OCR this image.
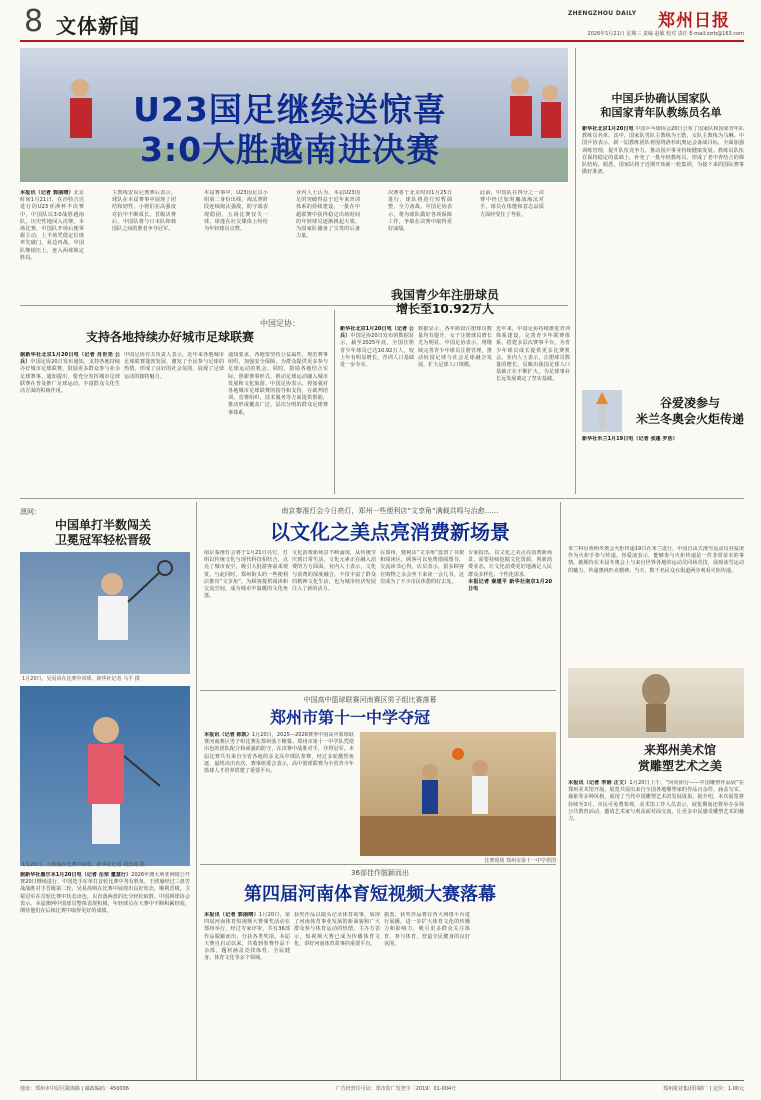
8 文体新闻
ZHENGZHOU DAILY 郑州日报
2026年1月21日 星期三 责编 赵敏 校对 责任 E-mail:zzrb@163.com
U23国足继续送惊喜
3:0大胜越南进决赛
本报讯（记者 郭丽晴）北京时间1月21日，在沙特吉达进行的U23亚洲杯半决赛中，中国队以3:0战胜越南队，历史性地闯入决赛。本场比赛，中国队开场后便掌握主动，上半场凭借定位球率先破门。易边再战，中国队继续压上，连入两球锁定胜局。
主教练安东尼奥赛后表示，球队在本届赛事中展现了团结和韧性，小将们在高强度对抗中不断成长。晋级决赛后，中国队将与日本队和韩国队之间的胜者争夺冠军。
本届赛事中，U23国足以小组第二身份出线，淘汰赛阶段连续淘汰强敌，防守端表现稳固，五场比赛仅失一球。球迷在社交媒体上纷纷为年轻球员点赞。
业内人士认为，本届U23国足的突破得益于近年来青训体系的持续建设，一批在中超联赛中获得稳定出场时间的年轻球员逐渐挑起大梁，为国家队储备了宝贵的后备力量。
决赛将于北京时间1月25日进行，球队将进行短暂调整，全力备战。中国足协表示，将为球队做好各项保障工作，争取在决赛中取得更好成绩。
此前，中国队在四分之一决赛中经过加时鏖战淘汰对手，球员在体能和意志品质方面经受住了考验。
中国足协：
支持各地持续办好城市足球联赛
据新华社北京1月20日电（记者 肖世尧 公兵）中国足协20日发布通知，支持各地持续办好城市足球联赛，鼓励更多群众参与业余足球赛事。通知提出，要充分发挥城市足球联赛在普及推广足球运动、丰富群众文化生活方面的积极作用。
中国足协有关负责人表示，近年来各地城市足球联赛蓬勃发展，激发了全民参与足球的热情，形成了良好的社会氛围，展现了足球运动的独特魅力。
通知要求，各地要坚持公益属性，规范赛事组织，加强安全保障，为群众提供更多参与足球运动的机会。同时，鼓励各地结合实际，创新赛事形式，推动足球运动融入城市发展和文化旅游。中国足协表示，将加强对各地城市足球联赛的指导和支持，在裁判培训、竞赛组织、技术服务等方面提供帮助，推动形成覆盖广泛、层次分明的群众足球赛事体系。
我国青少年注册球员
增长至10.92万人
新华社北京1月20日电（记者 公兵）中国足协20日发布的数据显示，截至2025年底，全国注册青少年球员已达10.92万人，较上年有明显增长，青训人口基础进一步夯实。
数据显示，各年龄段注册球员数量均有提升，女子注册球员增长尤为明显。中国足协表示，将继续完善青少年球员注册管理，推动校园足球与社会足球融合发展，扩大足球人口规模。
近年来，中国足协持续推进青训体系建设，完善青少年联赛体系，搭建多层次赛事平台，为青少年球员成长提供更多比赛机会。业内人士表示，注册球员数量的增长，反映出我国足球人口基础正在不断扩大，为足球事业长远发展奠定了坚实基础。
中国乒协确认国家队
和国家青年队教练员名单
新华社北京1月20日电 中国乒乓球协会20日公布了国家队和国家青年队教练员名单。其中，国家队男队主教练为王皓，女队主教练为马琳。中国乒协表示，新一届教练团队将围绕洛杉矶奥运会备战目标，全面加强训练管理，提升队伍竞争力，推动国乒事业持续健康发展。教练员队伍在保持稳定的基础上，补充了一批年轻教练员，形成了老中青结合的梯队结构。据悉，国家队将于近期开始新一轮集训，为接下来的国际赛事做好准备。
谷爱凌参与
米兰冬奥会火炬传递
新华社米兰1月19日电（记者 张蓬 罗浩）
澳网：
中国单打半数闯关
卫冕冠军轻松晋级
1月20日，吴易昺在比赛中回球。新华社记者 马平 摄
1月20日，王欣瑜在比赛中回球。新华社记者 胡浩琦 摄
据新华社墨尔本1月20日电（记者 岳荣 董意行）2026年澳大利亚网球公开赛20日继续进行，中国选手在单打首轮比赛中各有胜负。王欣瑜经过三盘苦战战胜对手晋级第二轮，吴易昺则在比赛中展现出良好状态，顺利晋级。卫冕冠军在首轮比赛中状态出色，以直落两盘的比分轻松取胜。中国网球协会表示，本届澳网中国球员整体表现积极，年轻球员在大赛中不断积累经验，期待他们在后续比赛中取得更好的成绩。
南京秦淮灯会今日亮灯，郑州一些便利店“文享角”满载共鸣与治愈……
以文化之美点亮消费新场景
南京秦淮灯会将于1月21日亮灯，灯组以传统文化与现代科技相结合，点亮了城市夜空，吸引大批游客前来观赏。与此同时，郑州街头的一些便利店推出“文享角”，为顾客提供阅读和交流空间，成为城市中温暖的文化角落。
文化消费新场景不断涌现，从传统节庆到日常生活，文化元素正在融入消费的方方面面。业内人士表示，文化与消费的深度融合，不仅丰富了群众的精神文化生活，也为城市经济发展注入了新的活力。
在郑州，便利店“文享角”设置了书架和阅读区，顾客可以免费借阅图书，交流读书心得。店员表示，很多顾客在购物之余会坐下来读一会儿书，这里成为了不少市民休憩的好去处。
专家指出，以文化之美点亮消费新场景，需要持续挖掘文化资源，创新消费业态，让文化消费更好地满足人民群众多样化、个性化需求。
本报记者 秦建平 新华社南京1月20日电
米兰科尔蒂纳冬奥会火炬传递19日在米兰进行，中国自由式滑雪运动员谷爱凌作为火炬手参与传递。谷爱凌表示，能够参与火炬传递是一件非常荣幸的事情，她期待在本届冬奥会上与来自世界各地的运动员同场竞技，展现冰雪运动的魅力，传递奥林匹克精神。当天，数千名民众在街道两旁观看火炬传递。
中国高中篮球联赛河南赛区男子组比赛落幕
郑州市第十一中学夺冠
本报讯（记者 陈凯）1月20日，2025—2026赛季中国高中篮球联赛河南赛区男子组比赛在郑州落下帷幕。郑州市第十一中学队凭借出色的团队配合和顽强的防守，在决赛中战胜对手，夺得冠军。本届比赛共有来自全省各地的多支高中球队参赛，经过多轮激烈角逐，最终决出名次。赛事组委会表示，高中篮球联赛为全省青少年篮球人才培养搭建了重要平台。
比赛现场 郑州市第十一中学供图
来郑州美术馆
赏雕塑艺术之美
本报讯（记者 李娟 正文）1月20日上午，“同向而行——中国雕塑作品展”在郑州美术馆开展。展览共展出来自全国各地雕塑家的作品百余件，涵盖写实、抽象等多种风格，展现了当代中国雕塑艺术的发展成果。据介绍，本次展览将持续至3月，市民可免费参观。美术馆工作人员表示，展览期间还将举办多场公共教育活动，邀请艺术家与观众面对面交流，让更多市民感受雕塑艺术的魅力。
36部佳作脱颖而出
第四届河南体育短视频大赛落幕
本报讯（记者 郭丽晴）1月20日，第四届河南体育短视频大赛颁奖活动在郑州举行，经过专家评审，共有36部作品脱颖而出，分获各类奖项。本届大赛自启动以来，共收到参赛作品千余部，题材涵盖竞技体育、全民健身、体育文化等多个领域。
获奖作品以镜头记录体育故事，展现了河南体育事业发展的新面貌和广大群众参与体育运动的热情。主办方表示，短视频大赛已成为传播体育文化、讲好河南体育故事的重要平台。
据悉，获奖作品将在各大网络平台进行展播，进一步扩大体育文化的传播力和影响力，吸引更多群众关注体育、参与体育，营造全民健身的良好氛围。
地址：郑州市中原区陇海路 | 邮政编码：450006	广告经营许可证：郑市监广发登字〔2019〕01-004号	郑州报业集团印刷厂 | 定价：1.00元
